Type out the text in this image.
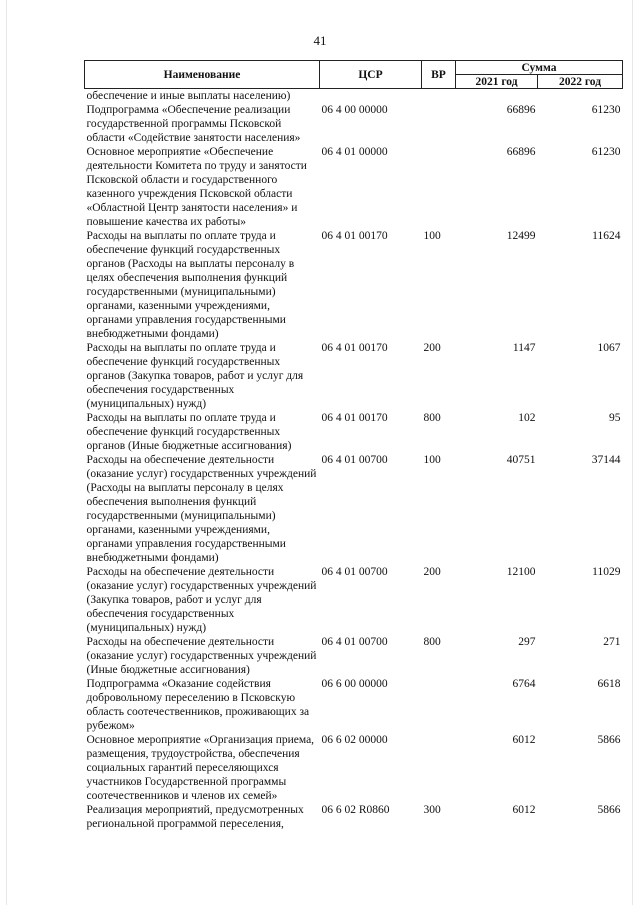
41
Наименование	ЦСР	ВР	Сумма	
			2021 год	2022 год
обеспечение и иные выплаты населению)				
Подпрограмма «Обеспечение реализации государственной программы Псковской области «Содействие занятости населения»	06 4 00 00000		66896	61230
Основное мероприятие «Обеспечение деятельности Комитета по труду и занятости Псковской области и государственного казенного учреждения Псковской области «Областной Центр занятости населения» и повышение качества их работы»	06 4 01 00000		66896	61230
Расходы на выплаты по оплате труда и обеспечение функций государственных органов (Расходы на выплаты персоналу в целях обеспечения выполнения функций государственными (муниципальными) органами, казенными учреждениями, органами управления государственными внебюджетными фондами)	06 4 01 00170	100	12499	11624
Расходы на выплаты по оплате труда и обеспечение функций государственных органов (Закупка товаров, работ и услуг для обеспечения государственных (муниципальных) нужд)	06 4 01 00170	200	1147	1067
Расходы на выплаты по оплате труда и обеспечение функций государственных органов (Иные бюджетные ассигнования)	06 4 01 00170	800	102	95
Расходы на обеспечение деятельности (оказание услуг) государственных учреждений (Расходы на выплаты персоналу в целях обеспечения выполнения функций государственными (муниципальными) органами, казенными учреждениями, органами управления государственными внебюджетными фондами)	06 4 01 00700	100	40751	37144
Расходы на обеспечение деятельности (оказание услуг) государственных учреждений (Закупка товаров, работ и услуг для обеспечения государственных (муниципальных) нужд)	06 4 01 00700	200	12100	11029
Расходы на обеспечение деятельности (оказание услуг) государственных учреждений (Иные бюджетные ассигнования)	06 4 01 00700	800	297	271
Подпрограмма «Оказание содействия добровольному переселению в Псковскую область соотечественников, проживающих за рубежом»	06 6 00 00000		6764	6618
Основное мероприятие «Организация приема, размещения, трудоустройства, обеспечения социальных гарантий переселяющихся участников Государственной программы соотечественников и членов их семей»	06 6 02 00000		6012	5866
Реализация мероприятий, предусмотренных региональной программой переселения,	06 6 02 R0860	300	6012	5866
